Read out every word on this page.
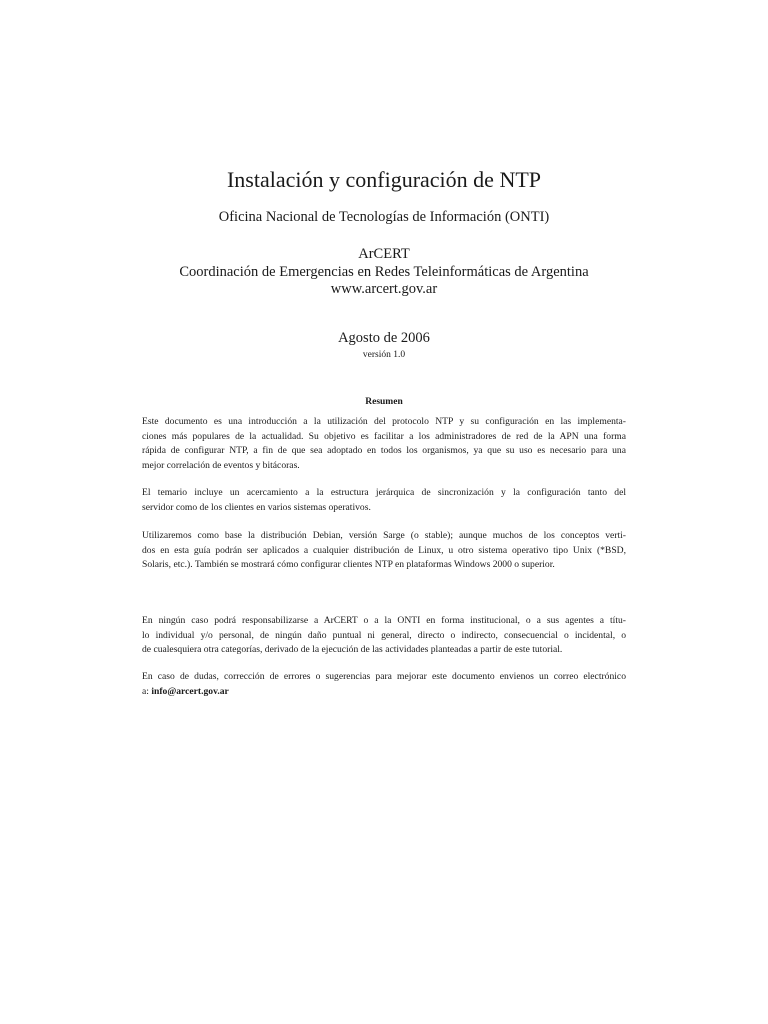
Instalación y configuración de NTP
Oficina Nacional de Tecnologías de Información (ONTI)
ArCERT
Coordinación de Emergencias en Redes Teleinformáticas de Argentina
www.arcert.gov.ar
Agosto de 2006
versión 1.0
Resumen
Este documento es una introducción a la utilización del protocolo NTP y su configuración en las implementa-
ciones más populares de la actualidad. Su objetivo es facilitar a los administradores de red de la APN una forma
rápida de configurar NTP, a fin de que sea adoptado en todos los organismos, ya que su uso es necesario para una
mejor correlación de eventos y bitácoras.
El temario incluye un acercamiento a la estructura jerárquica de sincronización y la configuración tanto del
servidor como de los clientes en varios sistemas operativos.
Utilizaremos como base la distribución Debian, versión Sarge (o stable); aunque muchos de los conceptos verti-
dos en esta guía podrán ser aplicados a cualquier distribución de Linux, u otro sistema operativo tipo Unix (*BSD,
Solaris, etc.). También se mostrará cómo configurar clientes NTP en plataformas Windows 2000 o superior.
En ningún caso podrá responsabilizarse a ArCERT o a la ONTI en forma institucional, o a sus agentes a títu-
lo individual y/o personal, de ningún daño puntual ni general, directo o indirecto, consecuencial o incidental, o
de cualesquiera otra categorías, derivado de la ejecución de las actividades planteadas a partir de este tutorial.
En caso de dudas, corrección de errores o sugerencias para mejorar este documento envienos un correo electrónico
a: info@arcert.gov.ar
